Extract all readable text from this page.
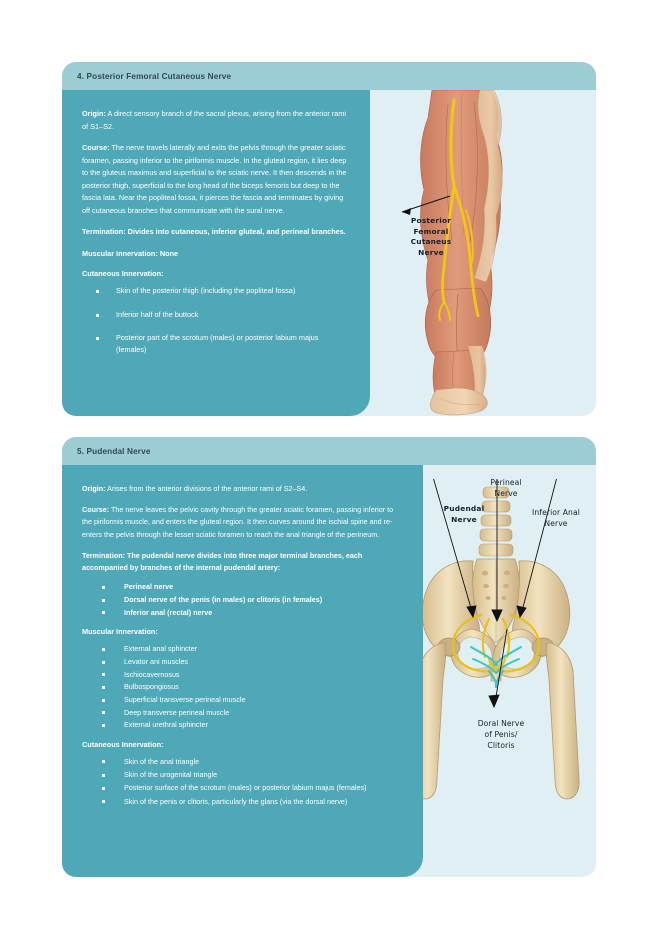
4. Posterior Femoral Cutaneous Nerve

Origin: A direct sensory branch of the sacral plexus, arising from the anterior rami of S1–S2.

Course: The nerve travels laterally and exits the pelvis through the greater sciatic foramen, passing inferior to the piriformis muscle. In the gluteal region, it lies deep to the gluteus maximus and superficial to the sciatic nerve. It then descends in the posterior thigh, superficial to the long head of the biceps femoris but deep to the fascia lata. Near the popliteal fossa, it pierces the fascia and terminates by giving off cutaneous branches that communicate with the sural nerve.

Termination: Divides into cutaneous, inferior gluteal, and perineal branches.

Muscular Innervation: None

Cutaneous Innervation:

Skin of the posterior thigh (including the popliteal fossa)
Inferior half of the buttock
Posterior part of the scrotum (males) or posterior labium majus (females)
Posterior
Femoral
Cutaneus
Nerve
5. Pudendal Nerve

Origin: Arises from the anterior divisions of the anterior rami of S2–S4.

Course: The nerve leaves the pelvic cavity through the greater sciatic foramen, passing inferior to the piriformis muscle, and enters the gluteal region. It then curves around the ischial spine and re-enters the pelvis through the lesser sciatic foramen to reach the anal triangle of the perineum.

Termination: The pudendal nerve divides into three major terminal branches, each accompanied by branches of the internal pudendal artery:

Perineal nerve
Dorsal nerve of the penis (in males) or clitoris (in females)
Inferior anal (rectal) nerve

Muscular Innervation:

External anal sphincter
Levator ani muscles
Ischiocavernosus
Bulbospongiosus
Superficial transverse perineal muscle
Deep transverse perineal muscle
External urethral sphincter

Cutaneous Innervation:

Skin of the anal triangle
Skin of the urogenital triangle
Posterior surface of the scrotum (males) or posterior labium majus (females)
Skin of the penis or clitoris, particularly the glans (via the dorsal nerve)
Pudendal
Nerve
Perineal
Nerve
Inferior Anal
Nerve
Doral Nerve
of Penis/
Clitoris
